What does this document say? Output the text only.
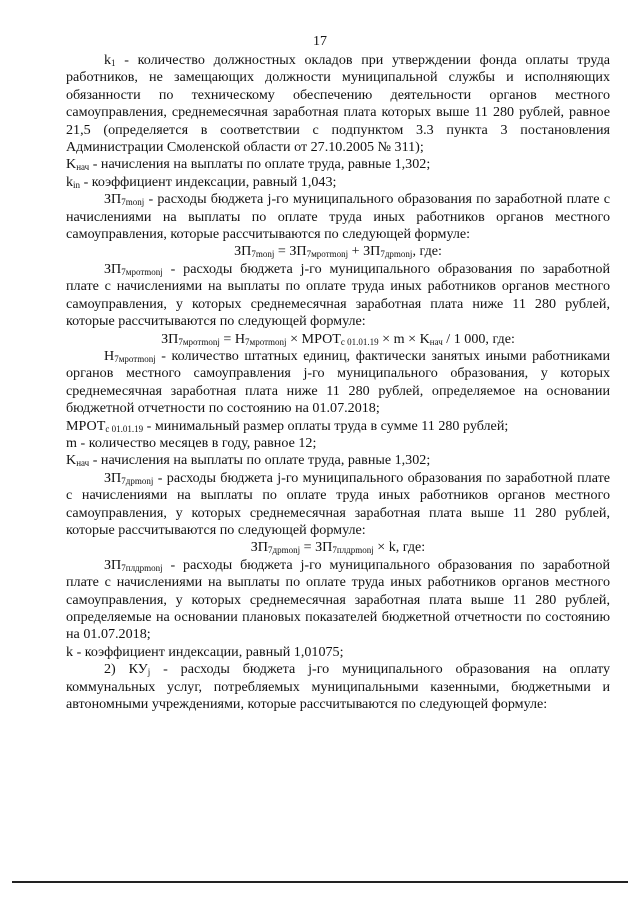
17

$k_1$ - количество должностных окладов при утверждении фонда оплаты труда работников, не замещающих должности муниципальной службы и исполняющих обязанности по техническому обеспечению деятельности органов местного самоуправления, среднемесячная заработная плата которых выше 11 280 рублей, равное 21,5 (определяется в соответствии с подпунктом 3.3 пункта 3 постановления Администрации Смоленской области от 27.10.2005 № 311);

$K_{нач}$ - начисления на выплаты по оплате труда, равные 1,302;

$k_{in}$ - коэффициент индексации, равный 1,043;

$ЗП_{7monj}$ - расходы бюджета j-го муниципального образования по заработной плате с начислениями на выплаты по оплате труда иных работников органов местного самоуправления, которые рассчитываются по следующей формуле:

$ЗП_{7monj} = ЗП_{7мротmonj} + ЗП_{7дрmonj}$, где:

$ЗП_{7мротmonj}$ - расходы бюджета j-го муниципального образования по заработной плате с начислениями на выплаты по оплате труда иных работников органов местного самоуправления, у которых среднемесячная заработная плата ниже 11 280 рублей, которые рассчитываются по следующей формуле:

$ЗП_{7мротmonj} = Н_{7мротmonj}$ × $МРОТ_{с 01.01.19} \times m \times K_{нач} / 1$ 000, где:

$Н_{7мротmonj}$ - количество штатных единиц, фактически занятых иными работниками органов местного самоуправления j-го муниципального образования, у которых среднемесячная заработная плата ниже 11 280 рублей, определяемое на основании бюджетной отчетности по состоянию на 01.07.2018;

$МРОТ_{с 01.01.19}$ - минимальный размер оплаты труда в сумме 11 280 рублей;

m - количество месяцев в году, равное 12;

$K_{нач}$ - начисления на выплаты по оплате труда, равные 1,302;

$ЗП_{7дрmonj}$ - расходы бюджета j-го муниципального образования по заработной плате с начислениями на выплаты по оплате труда иных работников органов местного самоуправления, у которых среднемесячная заработная плата выше 11 280 рублей, которые рассчитываются по следующей формуле:

$ЗП_{7дрmonj} = ЗП_{7плдрmonj} \times k$, где:

$ЗП_{7плдрmonj}$ - расходы бюджета j-го муниципального образования по заработной плате с начислениями на выплаты по оплате труда иных работников органов местного самоуправления, у которых среднемесячная заработная плата выше 11 280 рублей, определяемые на основании плановых показателей бюджетной отчетности по состоянию на 01.07.2018;

k - коэффициент индексации, равный 1,01075;

2) $КУ_j$ - расходы бюджета j-го муниципального образования на оплату коммунальных услуг, потребляемых муниципальными казенными, бюджетными и автономными учреждениями, которые рассчитываются по следующей формуле:
